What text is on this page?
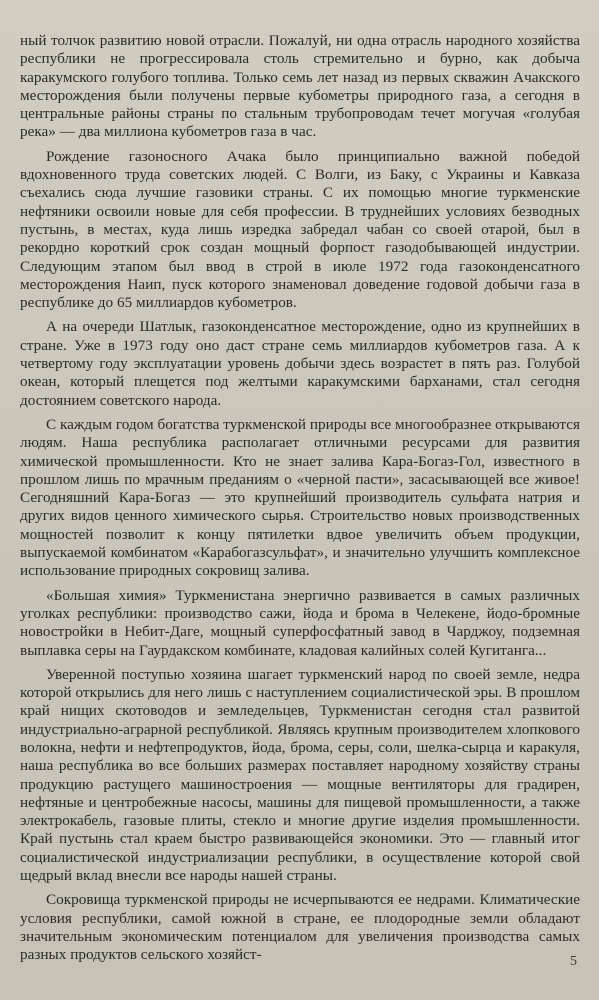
ный толчок развитию новой отрасли. Пожалуй, ни одна отрасль народного хозяйства республики не прогрессировала столь стремительно и бурно, как добыча каракумского голубого топлива. Только семь лет назад из первых скважин Ачакского месторождения были получены первые кубометры природного газа, а сегодня в центральные районы страны по стальным трубопроводам течет могучая «голубая река» — два миллиона кубометров газа в час.

Рождение газоносного Ачака было принципиально важной победой вдохновенного труда советских людей. С Волги, из Баку, с Украины и Кавказа съехались сюда лучшие газовики страны. С их помощью многие туркменские нефтяники освоили новые для себя профессии. В труднейших условиях безводных пустынь, в местах, куда лишь изредка забредал чабан со своей отарой, был в рекордно короткий срок создан мощный форпост газодобывающей индустрии. Следующим этапом был ввод в строй в июле 1972 года газоконденсатного месторождения Наип, пуск которого знаменовал доведение годовой добычи газа в республике до 65 миллиардов кубометров.

А на очереди Шатлык, газоконденсатное месторождение, одно из крупнейших в стране. Уже в 1973 году оно даст стране семь миллиардов кубометров газа. А к четвертому году эксплуатации уровень добычи здесь возрастет в пять раз. Голубой океан, который плещется под желтыми каракумскими барханами, стал сегодня достоянием советского народа.

С каждым годом богатства туркменской природы все многообразнее открываются людям. Наша республика располагает отличными ресурсами для развития химической промышленности. Кто не знает залива Кара-Богаз-Гол, известного в прошлом лишь по мрачным преданиям о «черной пасти», засасывающей все живое! Сегодняшний Кара-Богаз — это крупнейший производитель сульфата натрия и других видов ценного химического сырья. Строительство новых производственных мощностей позволит к концу пятилетки вдвое увеличить объем продукции, выпускаемой комбинатом «Карабогазсульфат», и значительно улучшить комплексное использование природных сокровищ залива.

«Большая химия» Туркменистана энергично развивается в самых различных уголках республики: производство сажи, йода и брома в Челекене, йодо-бромные новостройки в Небит-Даге, мощный суперфосфатный завод в Чарджоу, подземная выплавка серы на Гаурдакском комбинате, кладовая калийных солей Кугитанга...

Уверенной поступью хозяина шагает туркменский народ по своей земле, недра которой открылись для него лишь с наступлением социалистической эры. В прошлом край нищих скотоводов и земледельцев, Туркменистан сегодня стал развитой индустриально-аграрной республикой. Являясь крупным производителем хлопкового волокна, нефти и нефтепродуктов, йода, брома, серы, соли, шелка-сырца и каракуля, наша республика во все больших размерах поставляет народному хозяйству страны продукцию растущего машиностроения — мощные вентиляторы для градирен, нефтяные и центробежные насосы, машины для пищевой промышленности, а также электрокабель, газовые плиты, стекло и многие другие изделия промышленности. Край пустынь стал краем быстро развивающейся экономики. Это — главный итог социалистической индустриализации республики, в осуществление которой свой щедрый вклад внесли все народы нашей страны.

Сокровища туркменской природы не исчерпываются ее недрами. Климатические условия республики, самой южной в стране, ее плодородные земли обладают значительным экономическим потенциалом для увеличения производства самых разных продуктов сельского хозяйст-	5
